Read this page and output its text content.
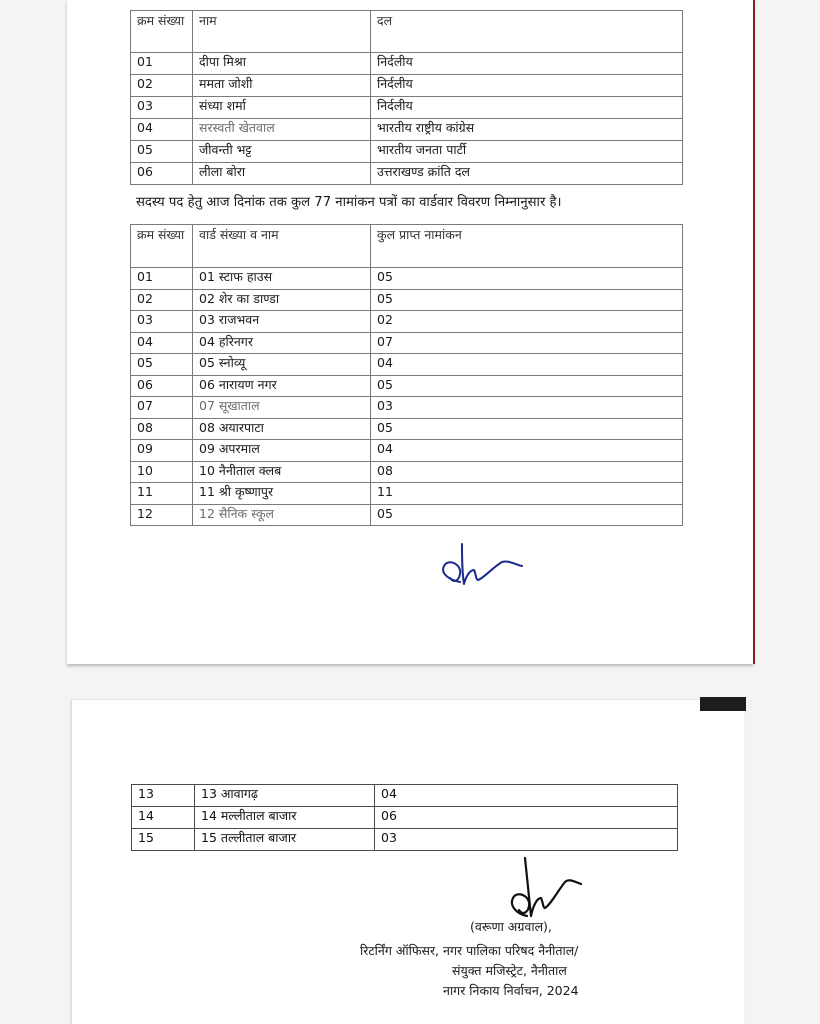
क्रम संख्या	नाम	दल
01	दीपा मिश्रा	निर्दलीय
02	ममता जोशी	निर्दलीय
03	संध्या शर्मा	निर्दलीय
04	सरस्वती खेतवाल	भारतीय राष्ट्रीय कांग्रेस
05	जीवन्ती भट्ट	भारतीय जनता पार्टी
06	लीला बोरा	उत्तराखण्ड क्रांति दल
सदस्य पद हेतु आज दिनांक तक कुल 77 नामांकन पत्रों का वार्डवार विवरण निम्नानुसार है।
क्रम संख्या	वार्ड संख्या व नाम	कुल प्राप्त नामांकन
01	01 स्टाफ हाउस	05
02	02 शेर का डाण्डा	05
03	03 राजभवन	02
04	04 हरिनगर	07
05	05 स्नोव्यू	04
06	06 नारायण नगर	05
07	07 सूखाताल	03
08	08 अयारपाटा	05
09	09 अपरमाल	04
10	10 नैनीताल क्लब	08
11	11 श्री कृष्णापुर	11
12	12 सैनिक स्कूल	05
13	13 आवागढ़	04
14	14 मल्लीताल बाजार	06
15	15 तल्लीताल बाजार	03
(वरूणा अग्रवाल),
रिटर्निंग ऑफिसर, नगर पालिका परिषद नैनीताल/
संयुक्त मजिस्ट्रेट, नैनीताल
नागर निकाय निर्वाचन, 2024
